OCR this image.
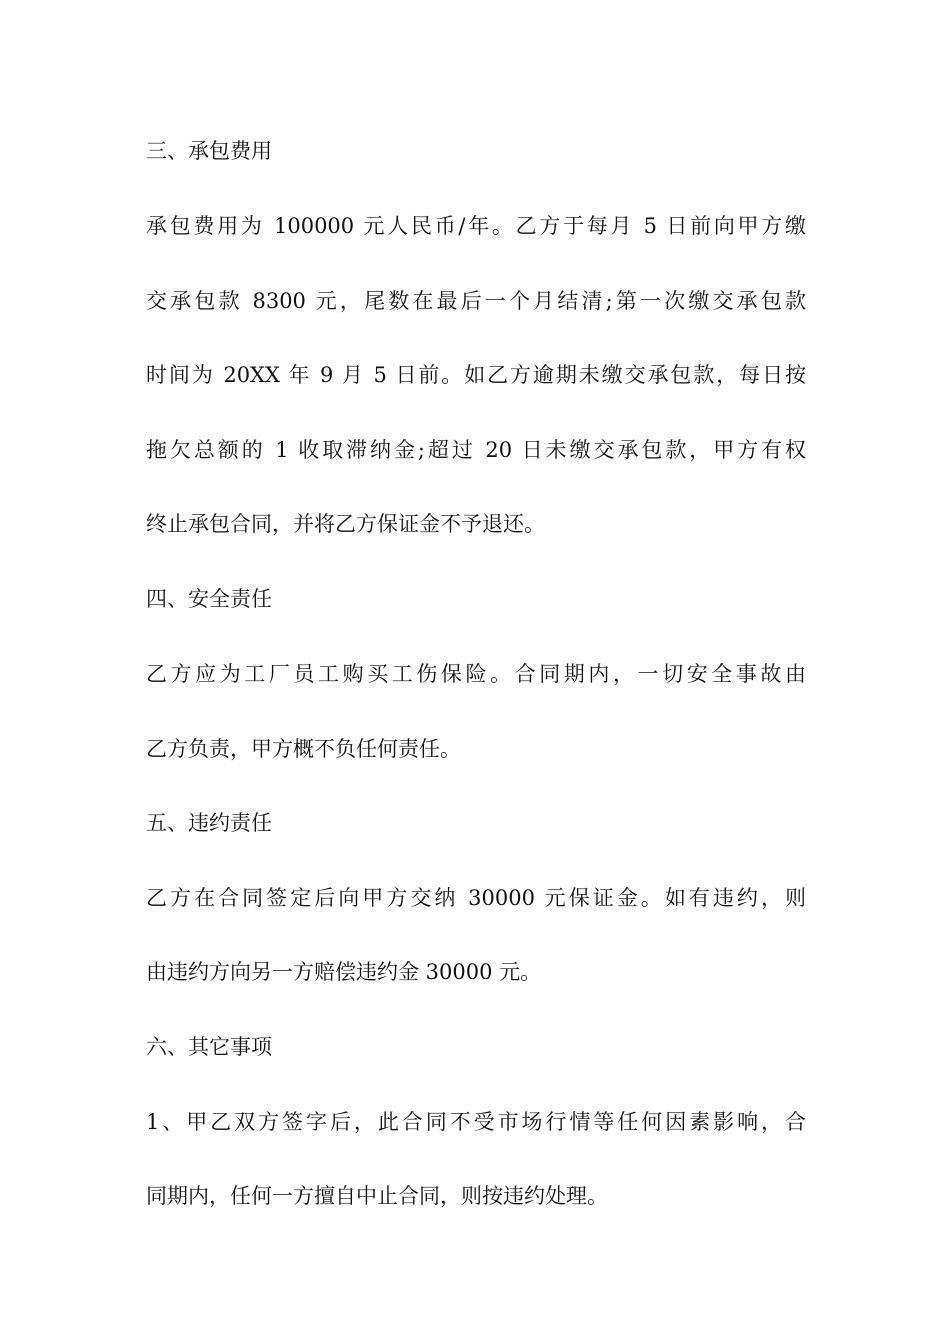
三、承包费用
承包费用为 100000 元人民币/年。乙方于每月 5 日前向甲方缴
交承包款 8300 元，尾数在最后一个月结清;第一次缴交承包款
时间为 20XX 年 9 月 5 日前。如乙方逾期未缴交承包款，每日按
拖欠总额的 1 收取滞纳金;超过 20 日未缴交承包款，甲方有权
终止承包合同，并将乙方保证金不予退还。
四、安全责任
乙方应为工厂员工购买工伤保险。合同期内，一切安全事故由
乙方负责，甲方概不负任何责任。
五、违约责任
乙方在合同签定后向甲方交纳 30000 元保证金。如有违约，则
由违约方向另一方赔偿违约金 30000 元。
六、其它事项
1、甲乙双方签字后，此合同不受市场行情等任何因素影响，合
同期内，任何一方擅自中止合同，则按违约处理。
